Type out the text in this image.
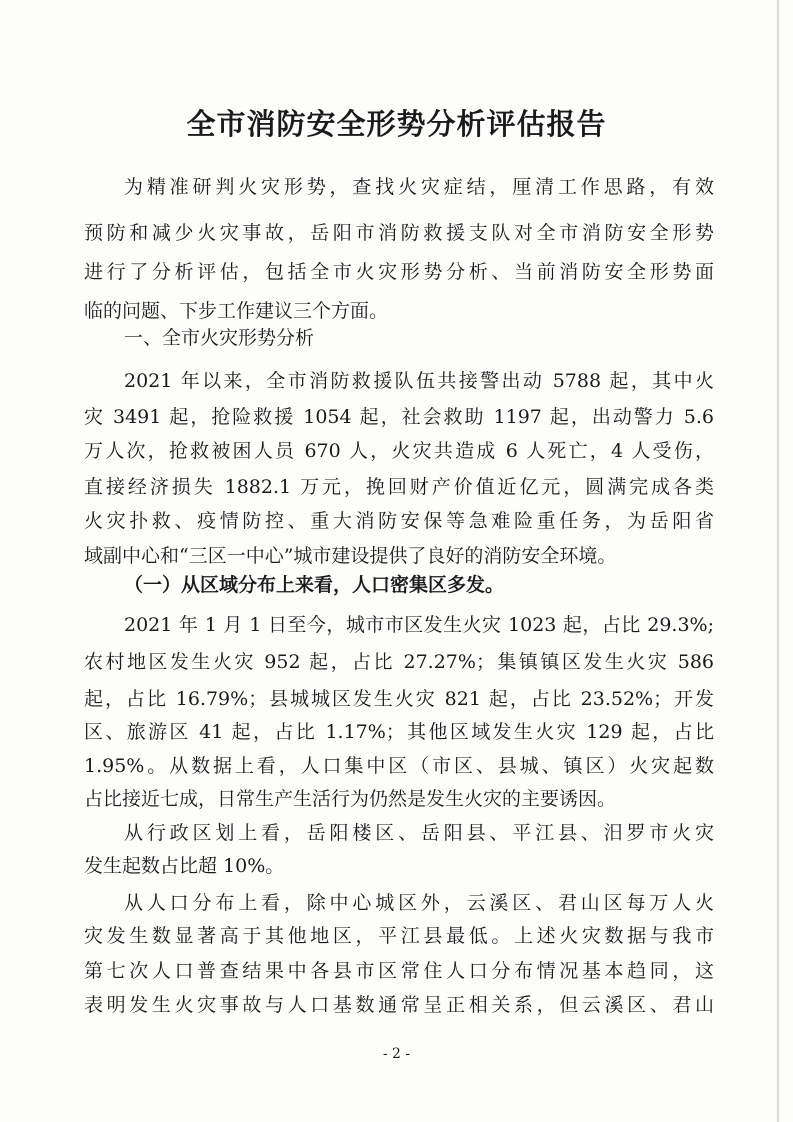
全市消防安全形势分析评估报告

为精准研判火灾形势，查找火灾症结，厘清工作思路，有效

预防和减少火灾事故，岳阳市消防救援支队对全市消防安全形势

进行了分析评估，包括全市火灾形势分析、当前消防安全形势面

临的问题、下步工作建议三个方面。

一、全市火灾形势分析

2021 年以来，全市消防救援队伍共接警出动 5788 起，其中火

灾 3491 起，抢险救援 1054 起，社会救助 1197 起，出动警力 5.6

万人次，抢救被困人员 670 人，火灾共造成 6 人死亡，4 人受伤，

直接经济损失 1882.1 万元，挽回财产价值近亿元，圆满完成各类

火灾扑救、疫情防控、重大消防安保等急难险重任务，为岳阳省

域副中心和“三区一中心”城市建设提供了良好的消防安全环境。

（一）从区域分布上来看，人口密集区多发。

2021 年 1 月 1 日至今，城市市区发生火灾 1023 起，占比 29.3%;

农村地区发生火灾 952 起，占比 27.27%；集镇镇区发生火灾 586

起，占比 16.79%；县城城区发生火灾 821 起，占比 23.52%；开发

区、旅游区 41 起，占比 1.17%；其他区域发生火灾 129 起，占比

1.95%。从数据上看，人口集中区（市区、县城、镇区）火灾起数

占比接近七成，日常生产生活行为仍然是发生火灾的主要诱因。

从行政区划上看，岳阳楼区、岳阳县、平江县、汨罗市火灾

发生起数占比超 10%。

从人口分布上看，除中心城区外，云溪区、君山区每万人火

灾发生数显著高于其他地区，平江县最低。上述火灾数据与我市

第七次人口普查结果中各县市区常住人口分布情况基本趋同，这

表明发生火灾事故与人口基数通常呈正相关系，但云溪区、君山

- 2 -
